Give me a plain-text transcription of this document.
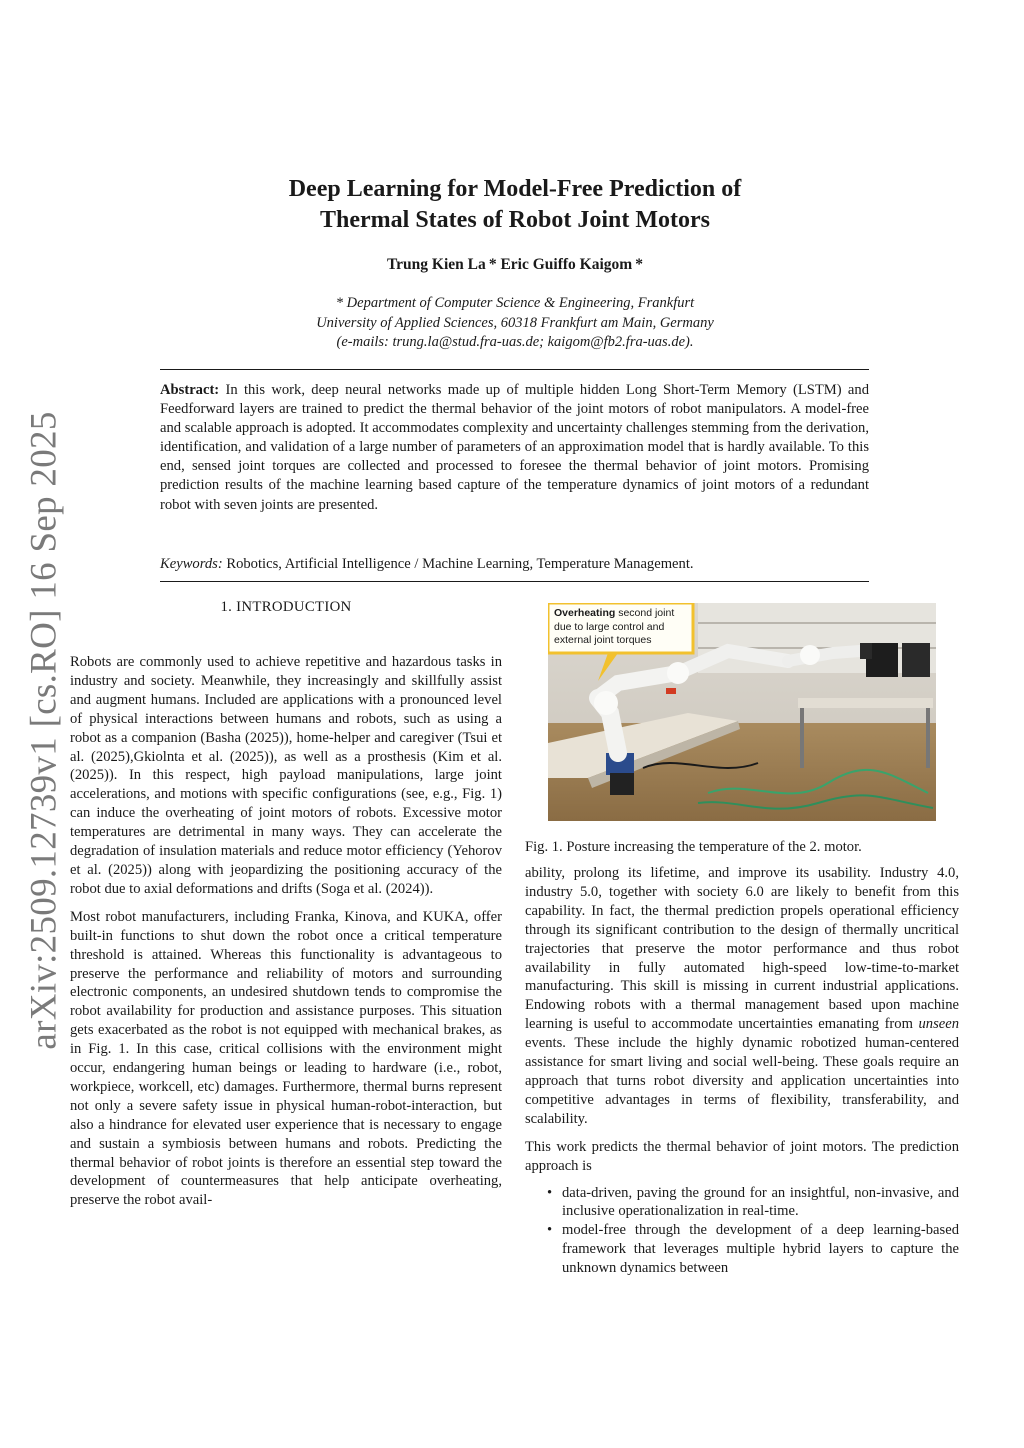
arXiv:2509.12739v1 [cs.RO] 16 Sep 2025
Deep Learning for Model-Free Prediction of
Thermal States of Robot Joint Motors
Trung Kien La * Eric Guiffo Kaigom *
* Department of Computer Science & Engineering, Frankfurt
University of Applied Sciences, 60318 Frankfurt am Main, Germany
(e-mails: trung.la@stud.fra-uas.de; kaigom@fb2.fra-uas.de).
Abstract: In this work, deep neural networks made up of multiple hidden Long Short-Term Memory (LSTM) and Feedforward layers are trained to predict the thermal behavior of the joint motors of robot manipulators. A model-free and scalable approach is adopted. It accommodates complexity and uncertainty challenges stemming from the derivation, identification, and validation of a large number of parameters of an approximation model that is hardly available. To this end, sensed joint torques are collected and processed to foresee the thermal behavior of joint motors. Promising prediction results of the machine learning based capture of the temperature dynamics of joint motors of a redundant robot with seven joints are presented.
Keywords: Robotics, Artificial Intelligence / Machine Learning, Temperature Management.
1. INTRODUCTION

Robots are commonly used to achieve repetitive and hazardous tasks in industry and society. Meanwhile, they increasingly and skillfully assist and augment humans. Included are applications with a pronounced level of physical interactions between humans and robots, such as using a robot as a companion (Basha (2025)), home-helper and caregiver (Tsui et al. (2025),Gkiolnta et al. (2025)), as well as a prosthesis (Kim et al. (2025)). In this respect, high payload manipulations, large joint accelerations, and motions with specific configurations (see, e.g., Fig. 1) can induce the overheating of joint motors of robots. Excessive motor temperatures are detrimental in many ways. They can accelerate the degradation of insulation materials and reduce motor efficiency (Yehorov et al. (2025)) along with jeopardizing the positioning accuracy of the robot due to axial deformations and drifts (Soga et al. (2024)).

Most robot manufacturers, including Franka, Kinova, and KUKA, offer built-in functions to shut down the robot once a critical temperature threshold is attained. Whereas this functionality is advantageous to preserve the performance and reliability of motors and surrounding electronic components, an undesired shutdown tends to compromise the robot availability for production and assistance purposes. This situation gets exacerbated as the robot is not equipped with mechanical brakes, as in Fig. 1. In this case, critical collisions with the environment might occur, endangering human beings or leading to hardware (i.e., robot, workpiece, workcell, etc) damages. Furthermore, thermal burns represent not only a severe safety issue in physical human-robot-interaction, but also a hindrance for elevated user experience that is necessary to engage and sustain a symbiosis between humans and robots. Predicting the thermal behavior of robot joints is therefore an essential step toward the development of countermeasures that help anticipate overheating, preserve the robot avail-

Overheating second joint due to large control and external joint torques
Fig. 1. Posture increasing the temperature of the 2. motor.

ability, prolong its lifetime, and improve its usability. Industry 4.0, industry 5.0, together with society 6.0 are likely to benefit from this capability. In fact, the thermal prediction propels operational efficiency through its significant contribution to the design of thermally uncritical trajectories that preserve the motor performance and thus robot availability in fully automated high-speed low-time-to-market manufacturing. This skill is missing in current industrial applications. Endowing robots with a thermal management based upon machine learning is useful to accommodate uncertainties emanating from unseen events. These include the highly dynamic robotized human-centered assistance for smart living and social well-being. These goals require an approach that turns robot diversity and application uncertainties into competitive advantages in terms of flexibility, transferability, and scalability.

This work predicts the thermal behavior of joint motors. The prediction approach is

• data-driven, paving the ground for an insightful, non-invasive, and inclusive operationalization in real-time.
• model-free through the development of a deep learning-based framework that leverages multiple hybrid layers to capture the unknown dynamics between
